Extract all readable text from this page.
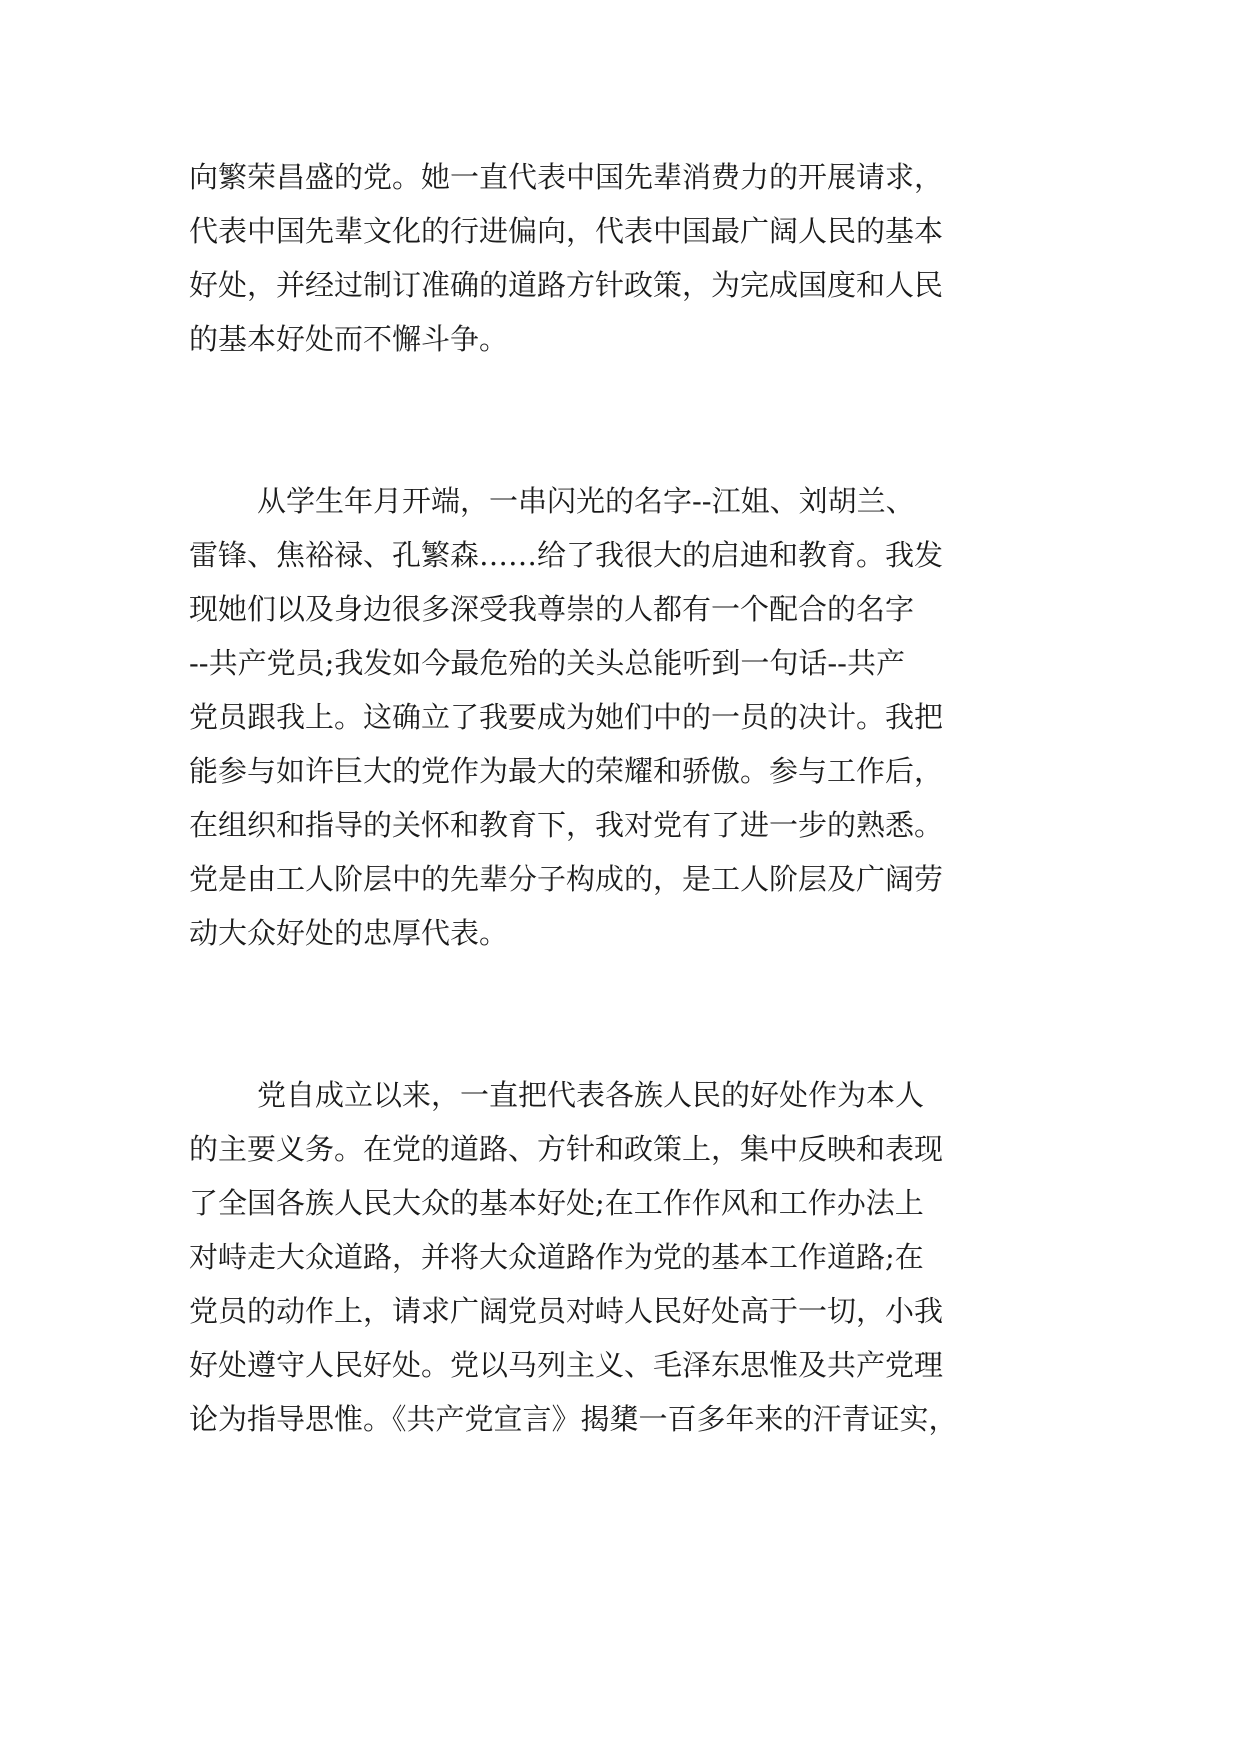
向繁荣昌盛的党。她一直代表中国先辈消费力的开展请求，
代表中国先辈文化的行进偏向，代表中国最广阔人民的基本
好处，并经过制订准确的道路方针政策，为完成国度和人民
的基本好处而不懈斗争。
从学生年月开端，一串闪光的名字--江姐、刘胡兰、
雷锋、焦裕禄、孔繁森……给了我很大的启迪和教育。我发
现她们以及身边很多深受我尊崇的人都有一个配合的名字
--共产党员;我发如今最危殆的关头总能听到一句话--共产
党员跟我上。这确立了我要成为她们中的一员的决计。我把
能参与如许巨大的党作为最大的荣耀和骄傲。参与工作后，
在组织和指导的关怀和教育下，我对党有了进一步的熟悉。
党是由工人阶层中的先辈分子构成的，是工人阶层及广阔劳
动大众好处的忠厚代表。
党自成立以来，一直把代表各族人民的好处作为本人
的主要义务。在党的道路、方针和政策上，集中反映和表现
了全国各族人民大众的基本好处;在工作作风和工作办法上
对峙走大众道路，并将大众道路作为党的基本工作道路;在
党员的动作上，请求广阔党员对峙人民好处高于一切，小我
好处遵守人民好处。党以马列主义、毛泽东思惟及共产党理
论为指导思惟。《共产党宣言》揭橥一百多年来的汗青证实，
